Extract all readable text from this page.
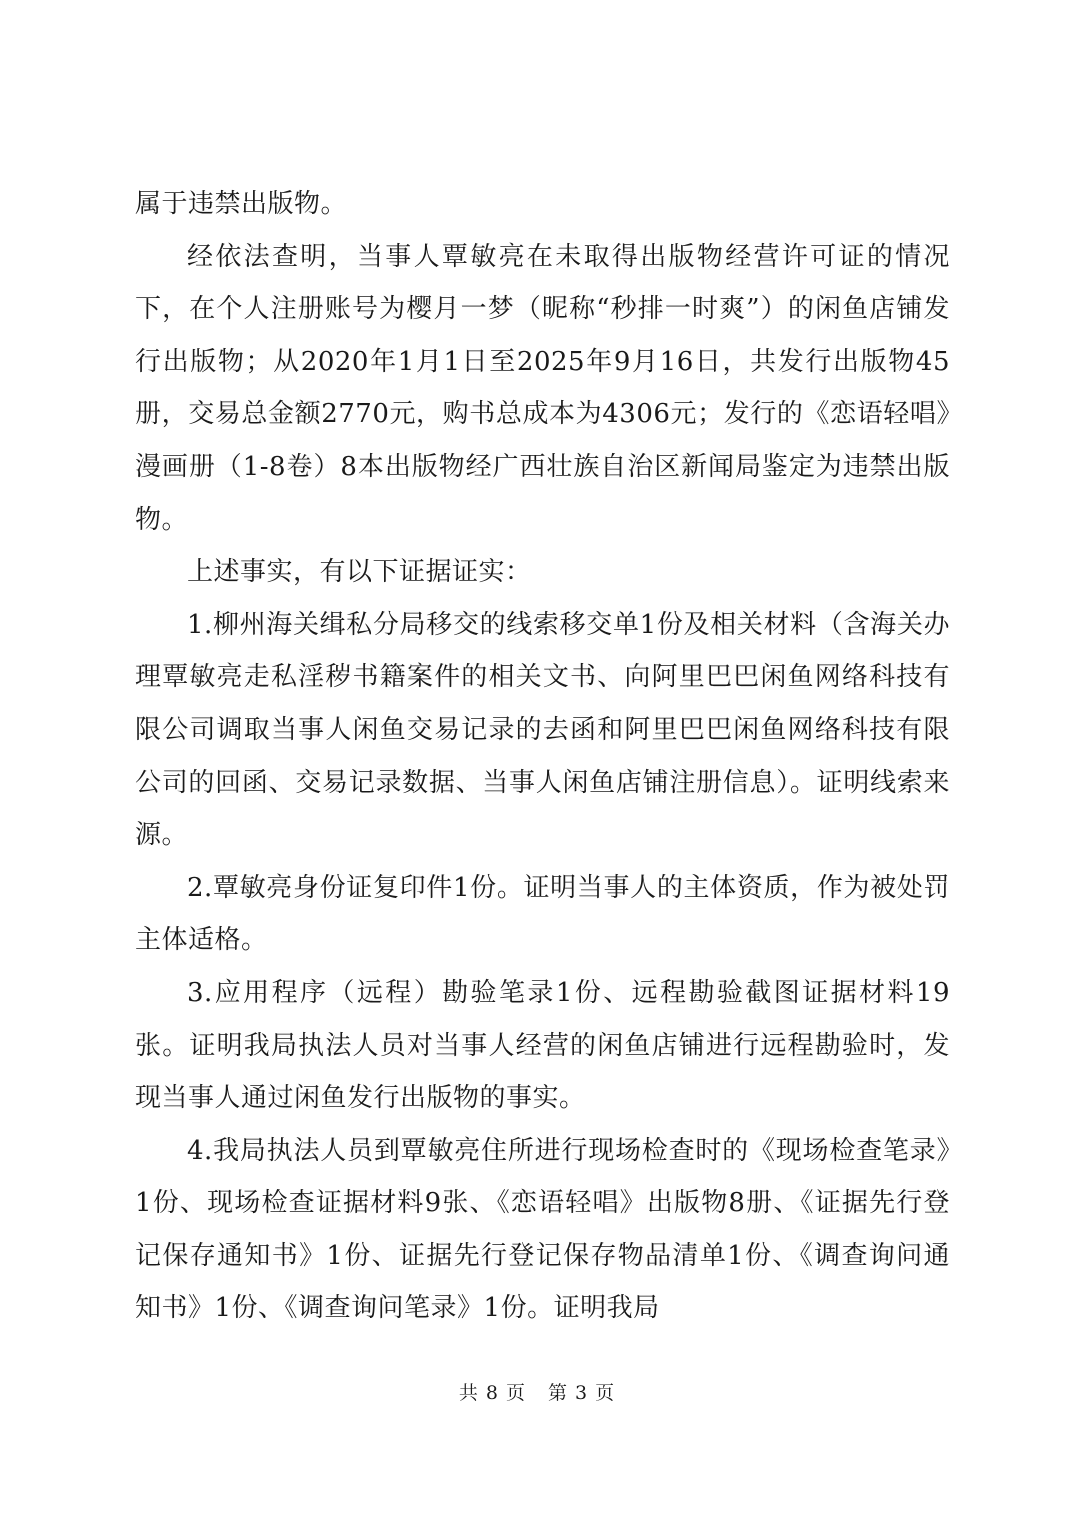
属于违禁出版物。

经依法查明，当事人覃敏亮在未取得出版物经营许可证的情况下，在个人注册账号为樱月一梦（昵称“秒排一时爽”）的闲鱼店铺发行出版物；从2020年1月1日至2025年9月16日，共发行出版物45册，交易总金额2770元，购书总成本为4306元；发行的《恋语轻唱》漫画册（1-8卷）8本出版物经广西壮族自治区新闻局鉴定为违禁出版物。

上述事实，有以下证据证实：

1.柳州海关缉私分局移交的线索移交单1份及相关材料（含海关办理覃敏亮走私淫秽书籍案件的相关文书、向阿里巴巴闲鱼网络科技有限公司调取当事人闲鱼交易记录的去函和阿里巴巴闲鱼网络科技有限公司的回函、交易记录数据、当事人闲鱼店铺注册信息）。证明线索来源。

2.覃敏亮身份证复印件1份。证明当事人的主体资质，作为被处罚主体适格。

3.应用程序（远程）勘验笔录1份、远程勘验截图证据材料19张。证明我局执法人员对当事人经营的闲鱼店铺进行远程勘验时，发现当事人通过闲鱼发行出版物的事实。

4.我局执法人员到覃敏亮住所进行现场检查时的《现场检查笔录》1份、现场检查证据材料9张、《恋语轻唱》出版物8册、《证据先行登记保存通知书》1份、证据先行登记保存物品清单1份、《调查询问通知书》1份、《调查询问笔录》1份。证明我局

共 8 页 第 3 页
